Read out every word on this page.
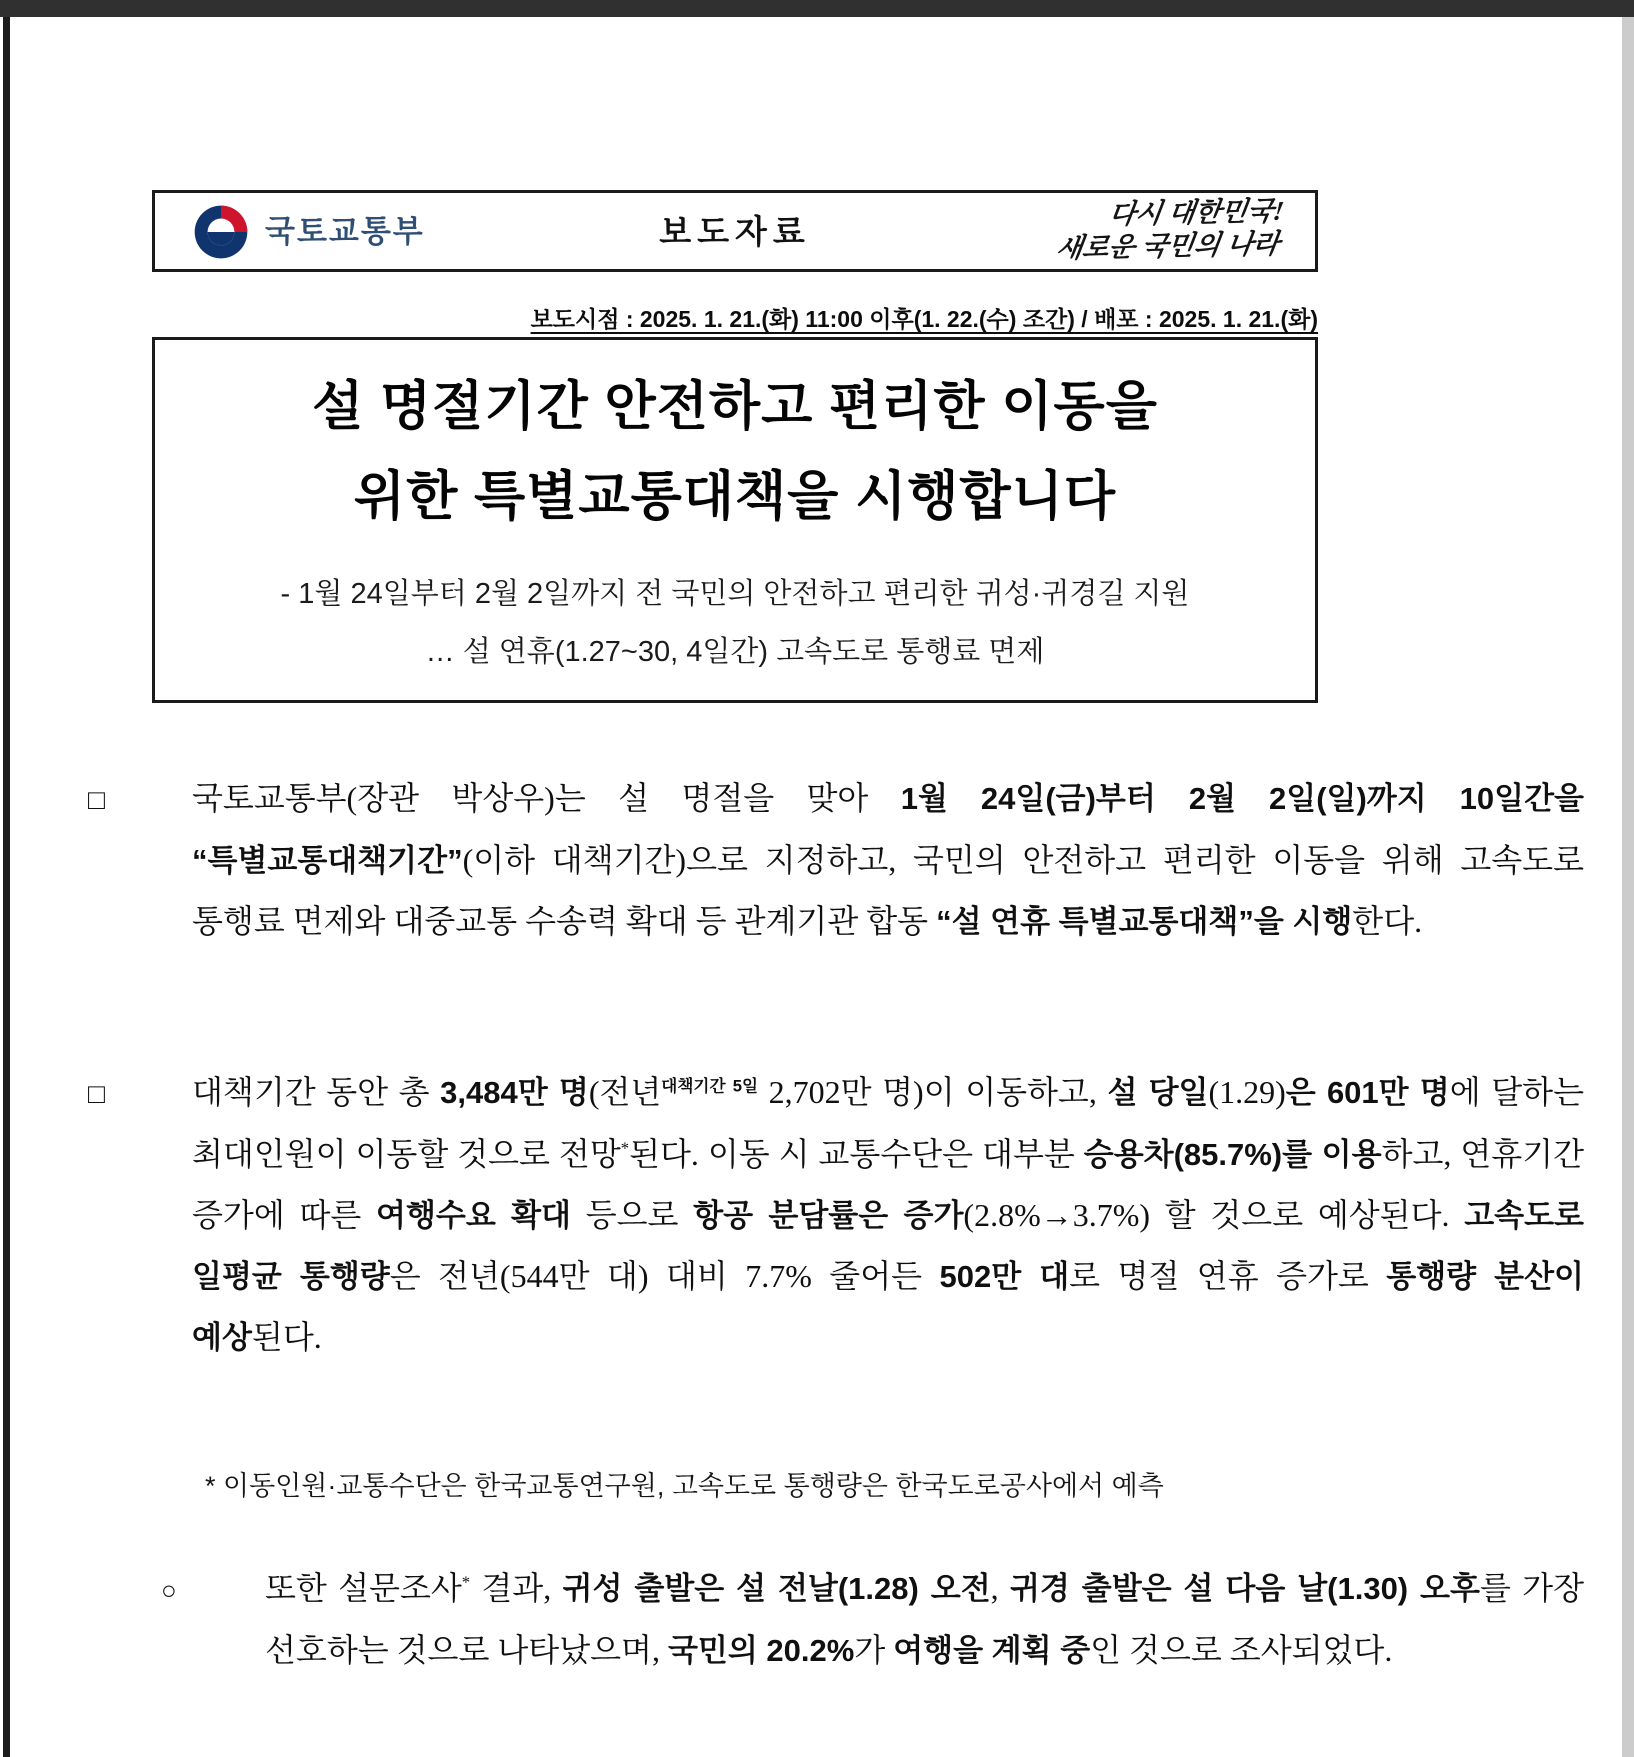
국토교통부	보도자료
다시 대한민국!
새로운 국민의 나라
보도시점 : 2025. 1. 21.(화) 11:00 이후(1. 22.(수) 조간) / 배포 : 2025. 1. 21.(화)
설 명절기간 안전하고 편리한 이동을
위한 특별교통대책을 시행합니다
- 1월 24일부터 2월 2일까지 전 국민의 안전하고 편리한 귀성·귀경길 지원
… 설 연휴(1.27~30, 4일간) 고속도로 통행료 면제
□	국토교통부(장관 박상우)는 설 명절을 맞아 1월 24일(금)부터 2월 2일(일)까지 10일간을 “특별교통대책기간”(이하 대책기간)으로 지정하고, 국민의 안전하고 편리한 이동을 위해 고속도로 통행료 면제와 대중교통 수송력 확대 등 관계기관 합동 “설 연휴 특별교통대책”을 시행한다.
□	대책기간 동안 총 3,484만 명(전년$^{대책기간 5일}$ 2,702만 명)이 이동하고, 설 당일(1.29)은 601만 명에 달하는 최대인원이 이동할 것으로 전망*된다. 이동 시 교통수단은 대부분 승용차(85.7%)를 이용하고, 연휴기간 증가에 따른 여행수요 확대 등으로 항공 분담률은 증가(2.8%→3.7%) 할 것으로 예상된다. 고속도로 일평균 통행량은 전년(544만 대) 대비 7.7% 줄어든 502만 대로 명절 연휴 증가로 통행량 분산이 예상된다.
* 이동인원·교통수단은 한국교통연구원, 고속도로 통행량은 한국도로공사에서 예측
○	또한 설문조사* 결과, 귀성 출발은 설 전날(1.28) 오전, 귀경 출발은 설 다음 날(1.30) 오후를 가장 선호하는 것으로 나타났으며, 국민의 20.2%가 여행을 계획 중인 것으로 조사되었다.
